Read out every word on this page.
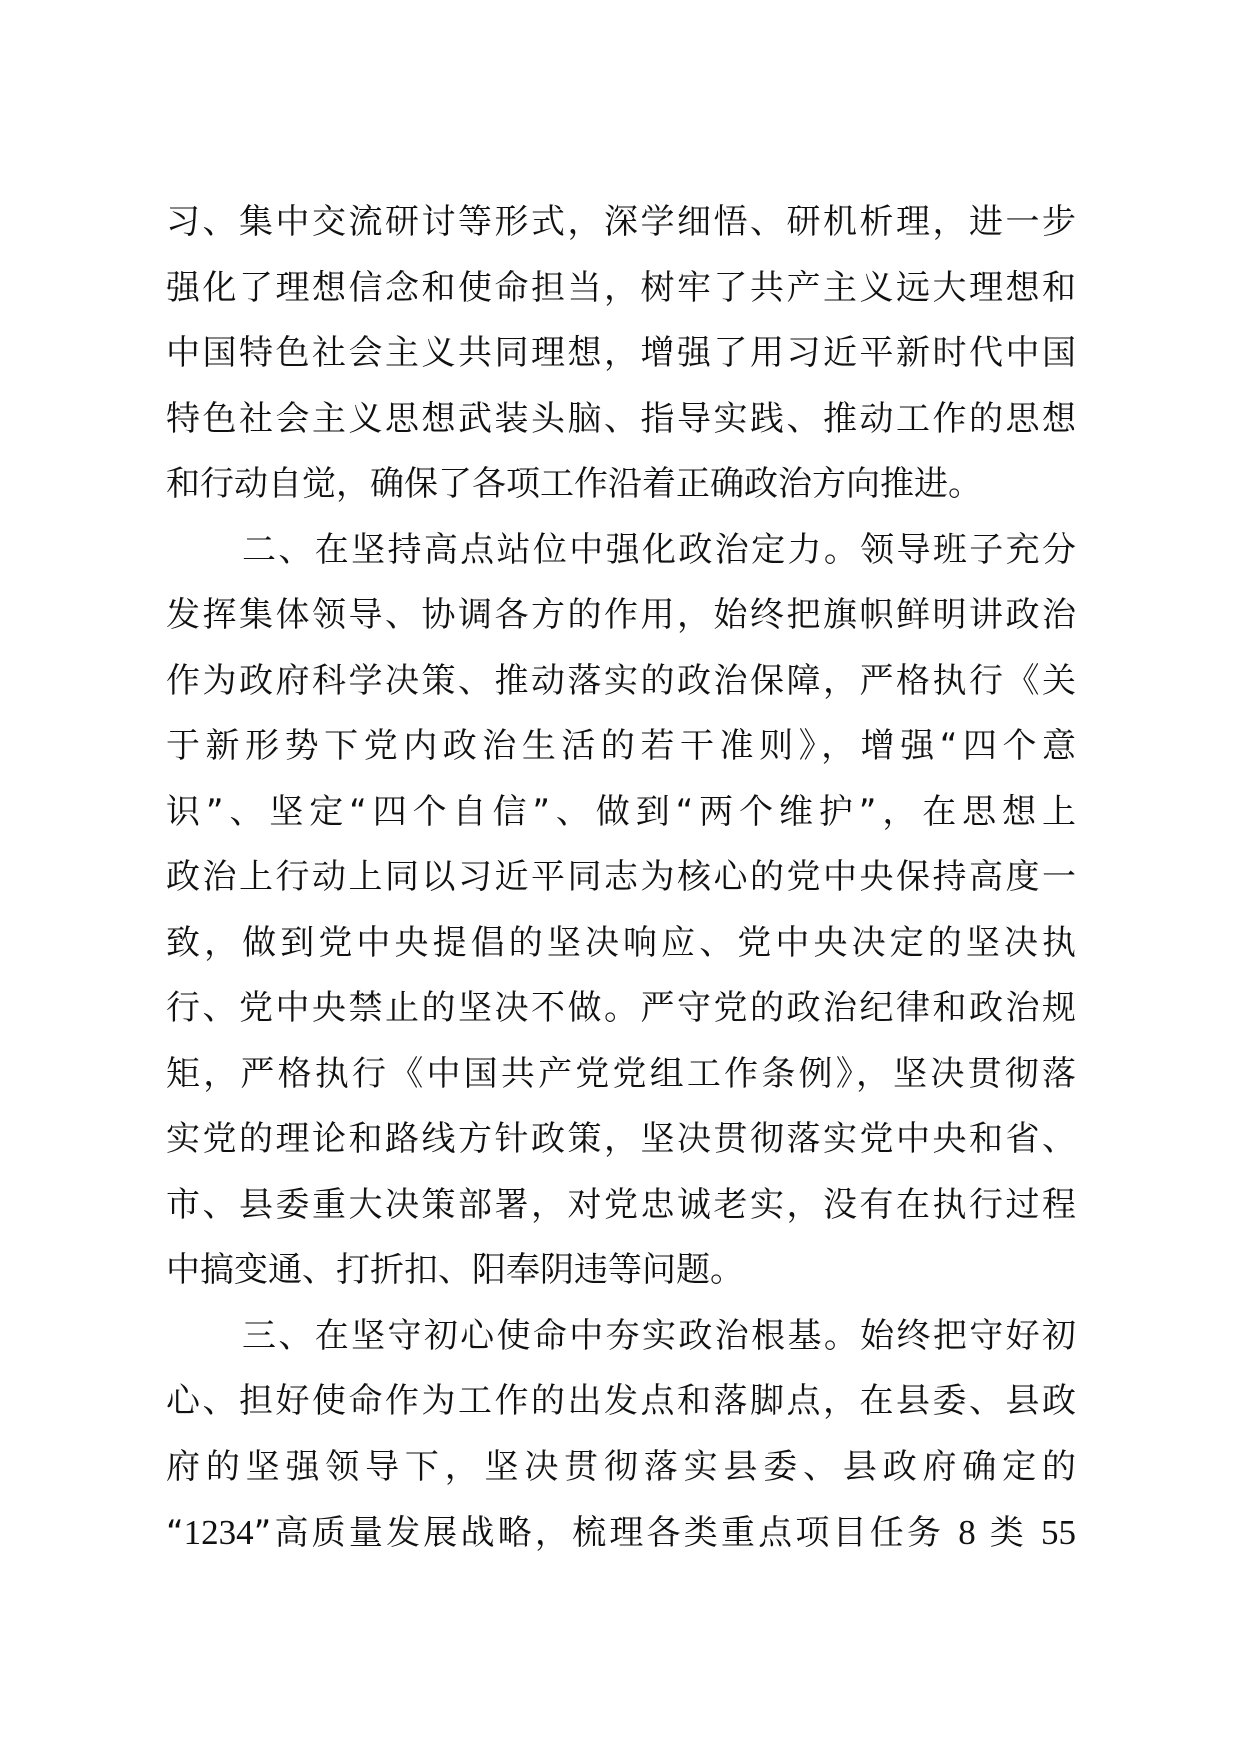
习、集中交流研讨等形式，深学细悟、研机析理，进一步
强化了理想信念和使命担当，树牢了共产主义远大理想和
中国特色社会主义共同理想，增强了用习近平新时代中国
特色社会主义思想武装头脑、指导实践、推动工作的思想
和行动自觉，确保了各项工作沿着正确政治方向推进。
二、在坚持高点站位中强化政治定力。领导班子充分
发挥集体领导、协调各方的作用，始终把旗帜鲜明讲政治
作为政府科学决策、推动落实的政治保障，严格执行《关
于新形势下党内政治生活的若干准则》，增强“四个意
识”、坚定“四个自信”、做到“两个维护”，在思想上
政治上行动上同以习近平同志为核心的党中央保持高度一
致，做到党中央提倡的坚决响应、党中央决定的坚决执
行、党中央禁止的坚决不做。严守党的政治纪律和政治规
矩，严格执行《中国共产党党组工作条例》，坚决贯彻落
实党的理论和路线方针政策，坚决贯彻落实党中央和省、
市、县委重大决策部署，对党忠诚老实，没有在执行过程
中搞变通、打折扣、阳奉阴违等问题。
三、在坚守初心使命中夯实政治根基。始终把守好初
心、担好使命作为工作的出发点和落脚点，在县委、县政
府的坚强领导下，坚决贯彻落实县委、县政府确定的
“1234”高质量发展战略，梳理各类重点项目任务 8 类 55
